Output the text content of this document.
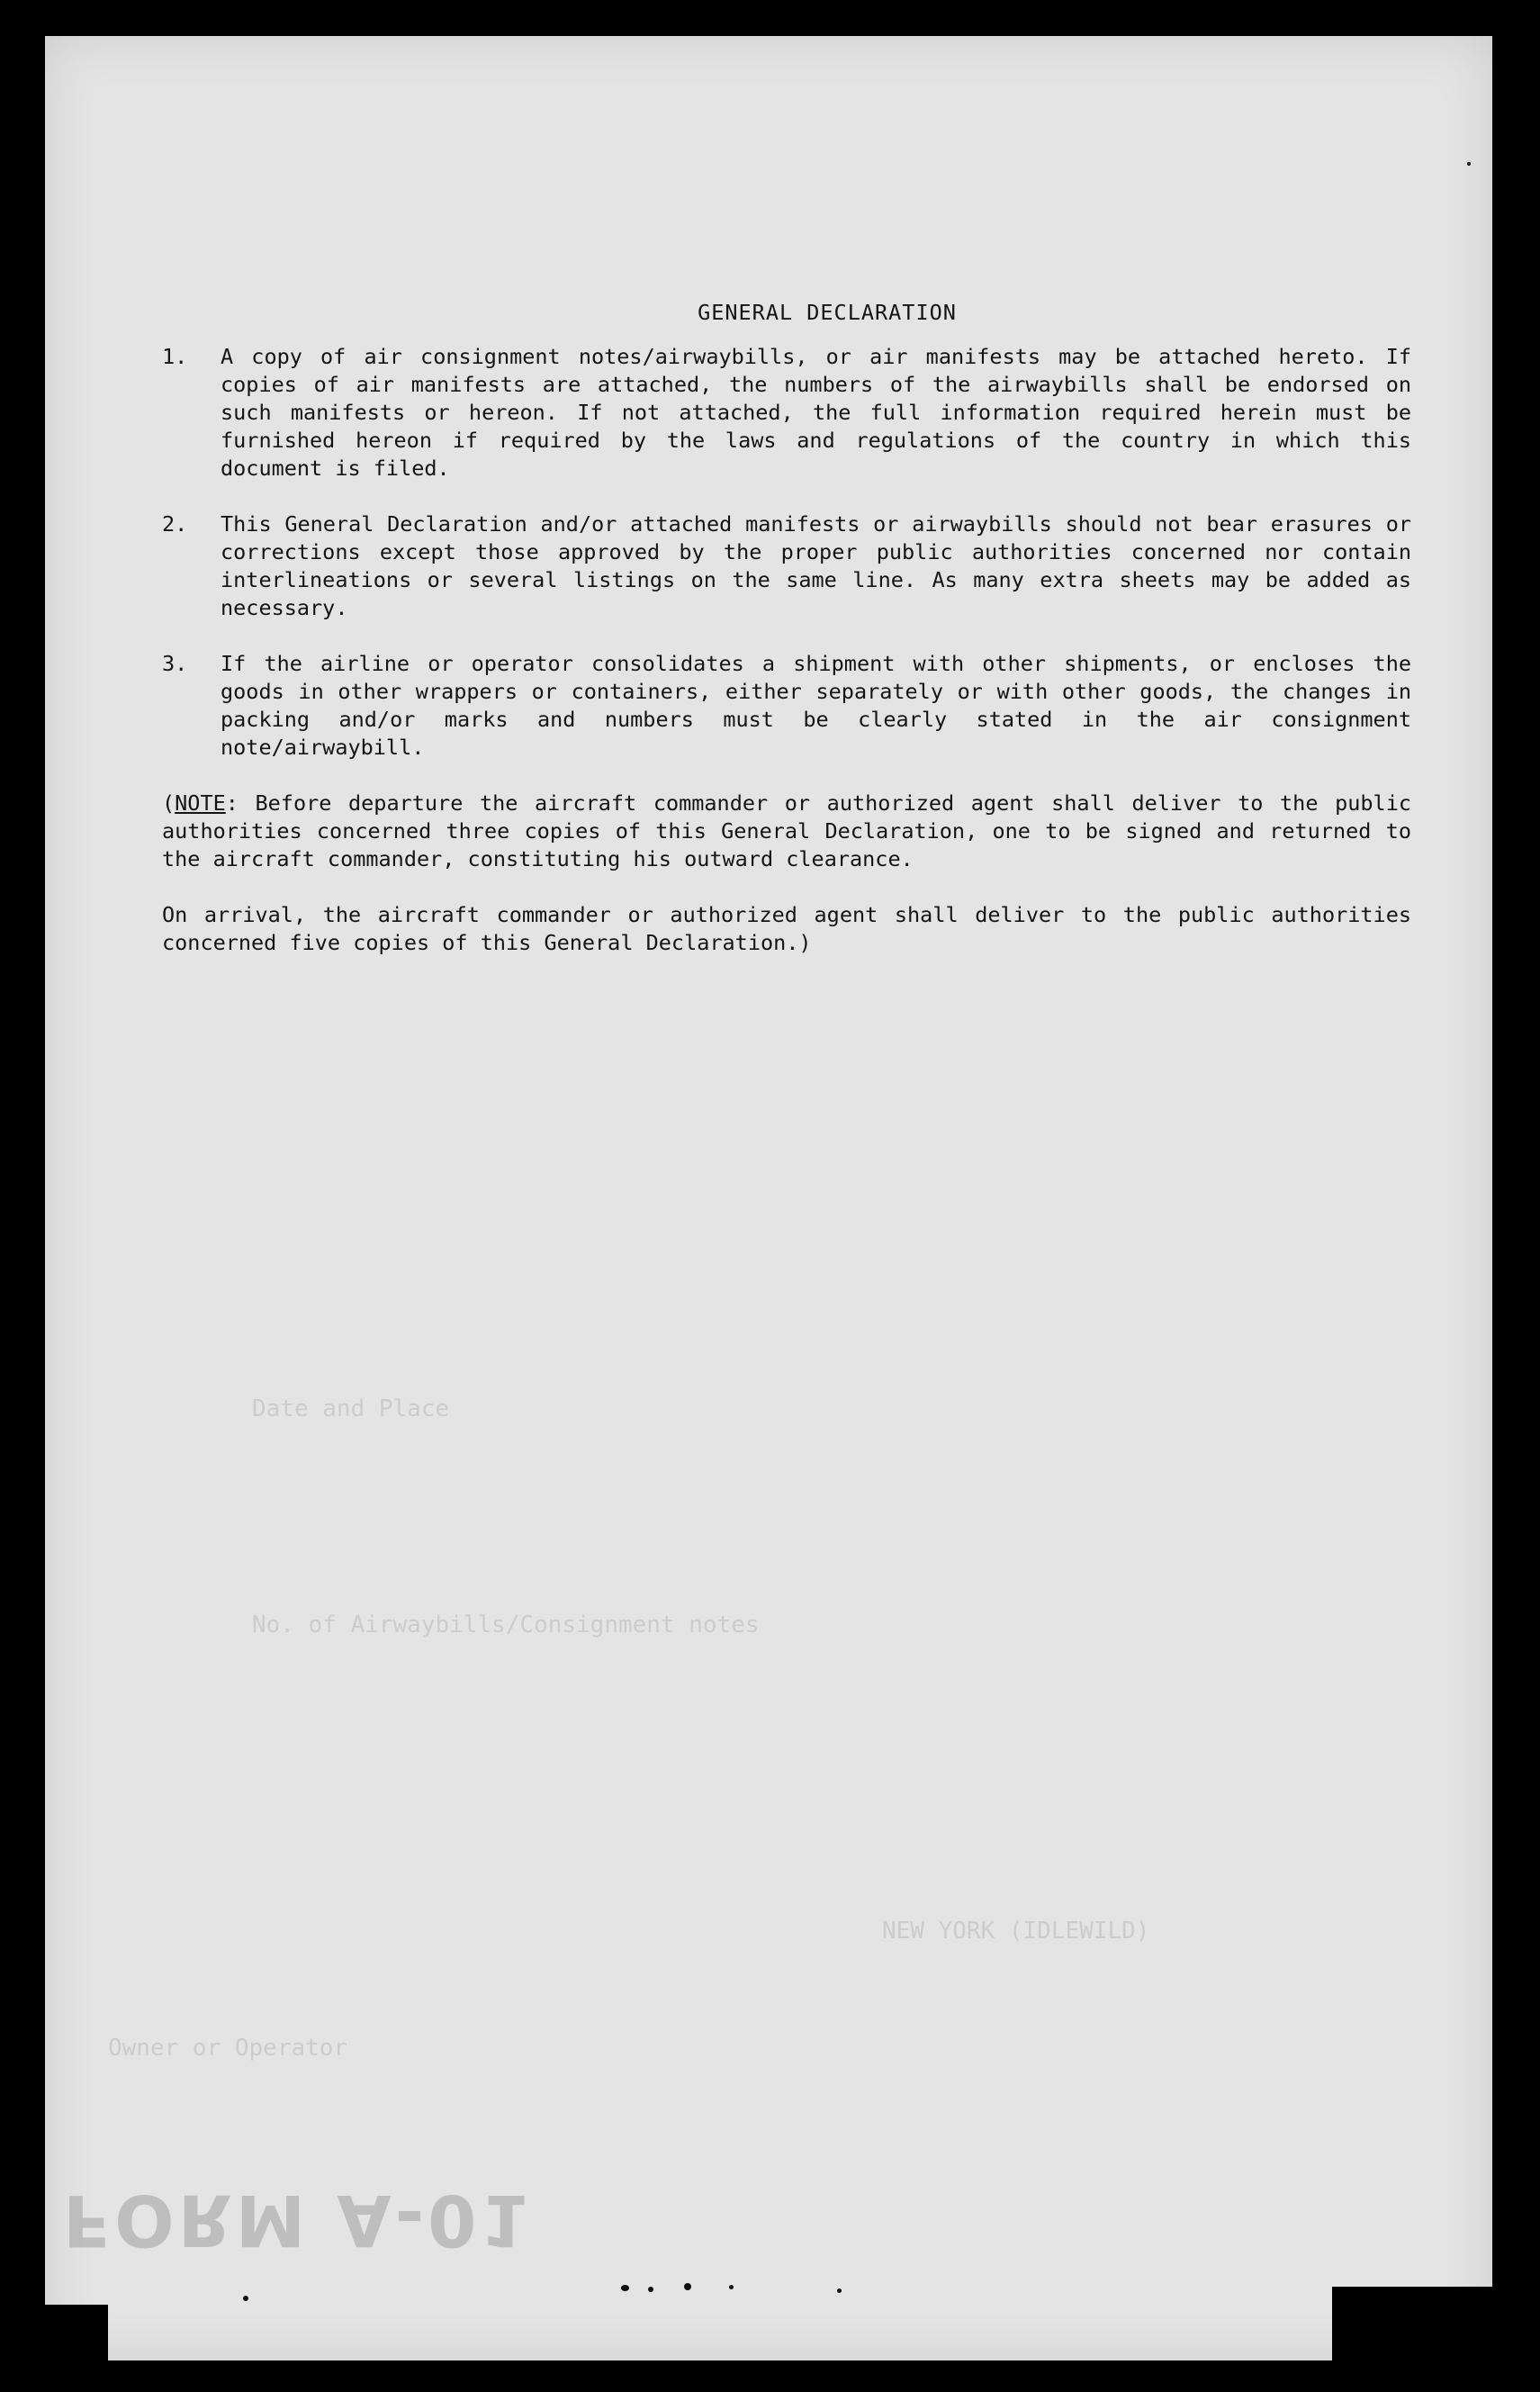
Date and Place
No. of Airwaybills/Consignment notes
NEW YORK (IDLEWILD)
Owner or Operator
FORM A-01
GENERAL DECLARATION
1.	A copy of air consignment notes/airwaybills, or air manifests may be attached hereto. If copies of air manifests are attached, the numbers of the airwaybills shall be endorsed on such manifests or hereon. If not attached, the full information required herein must be furnished hereon if required by the laws and regulations of the country in which this document is filed.
2.	This General Declaration and/or attached manifests or airwaybills should not bear erasures or corrections except those approved by the proper public authorities concerned nor contain interlineations or several listings on the same line. As many extra sheets may be added as necessary.
3.	If the airline or operator consolidates a shipment with other shipments, or encloses the goods in other wrappers or containers, either separately or with other goods, the changes in packing and/or marks and numbers must be clearly stated in the air consignment note/airwaybill.
(NOTE: Before departure the aircraft commander or authorized agent shall deliver to the public authorities concerned three copies of this General Declaration, one to be signed and returned to the aircraft commander, constituting his outward clearance.
On arrival, the aircraft commander or authorized agent shall deliver to the public authorities concerned five copies of this General Declaration.)
